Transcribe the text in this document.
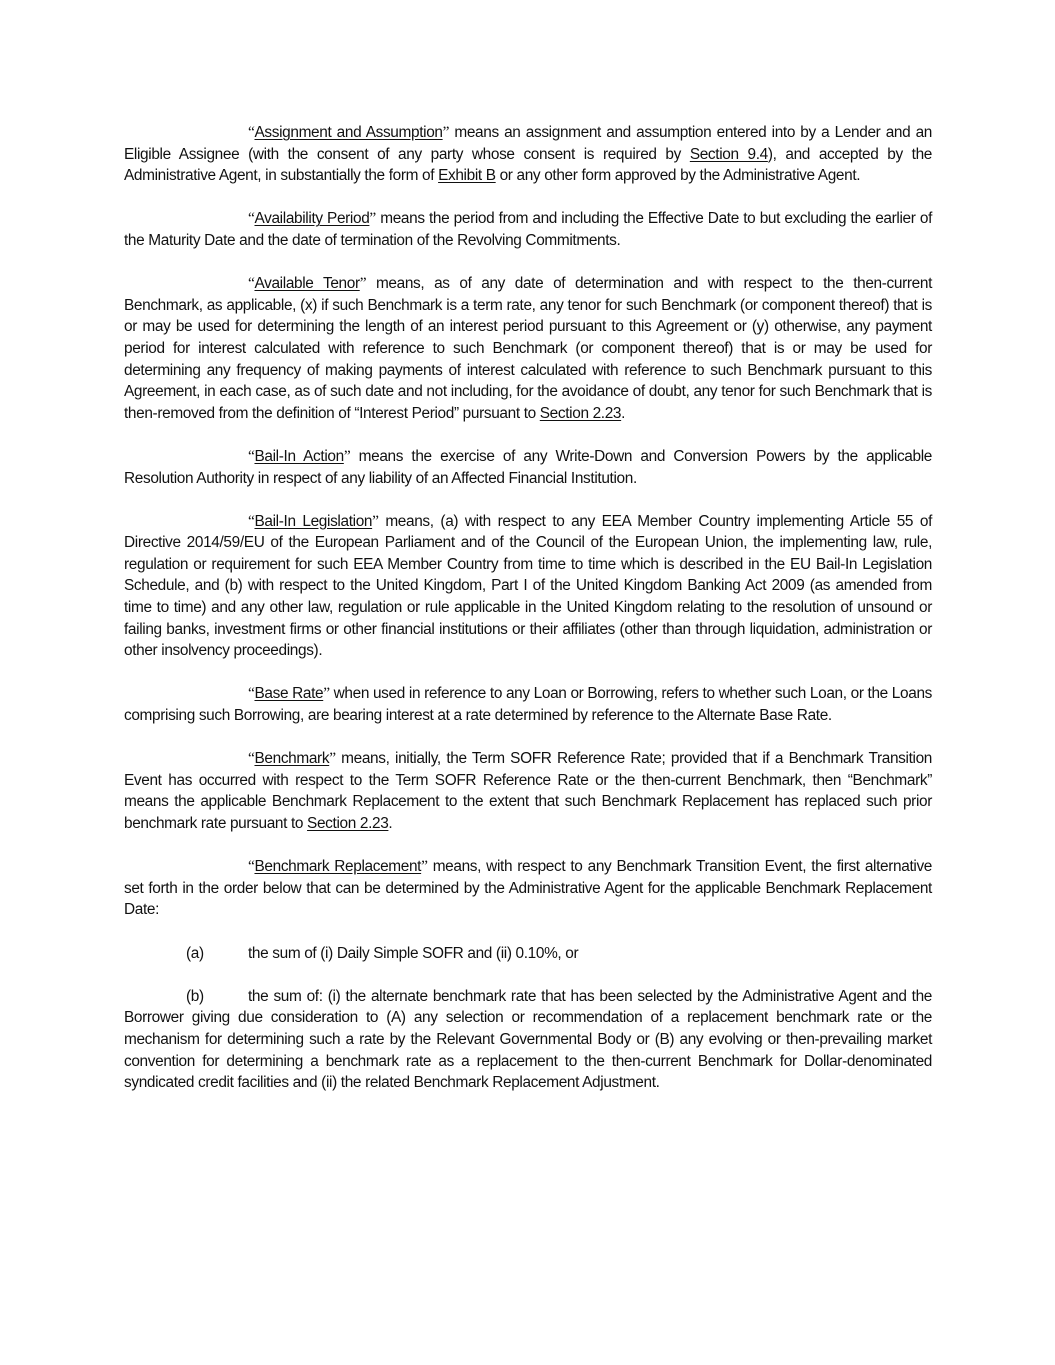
“Assignment and Assumption” means an assignment and assumption entered into by a Lender and an Eligible Assignee (with the consent of any party whose consent is required by Section 9.4), and accepted by the Administrative Agent, in substantially the form of Exhibit B or any other form approved by the Administrative Agent.

“Availability Period” means the period from and including the Effective Date to but excluding the earlier of the Maturity Date and the date of termination of the Revolving Commitments.

“Available Tenor” means, as of any date of determination and with respect to the then-current Benchmark, as applicable, (x) if such Benchmark is a term rate, any tenor for such Benchmark (or component thereof) that is or may be used for determining the length of an interest period pursuant to this Agreement or (y) otherwise, any payment period for interest calculated with reference to such Benchmark (or component thereof) that is or may be used for determining any frequency of making payments of interest calculated with reference to such Benchmark pursuant to this Agreement, in each case, as of such date and not including, for the avoidance of doubt, any tenor for such Benchmark that is then-removed from the definition of “Interest Period” pursuant to Section 2.23.

“Bail-In Action” means the exercise of any Write-Down and Conversion Powers by the applicable Resolution Authority in respect of any liability of an Affected Financial Institution.

“Bail-In Legislation” means, (a) with respect to any EEA Member Country implementing Article 55 of Directive 2014/59/EU of the European Parliament and of the Council of the European Union, the implementing law, rule, regulation or requirement for such EEA Member Country from time to time which is described in the EU Bail-In Legislation Schedule, and (b) with respect to the United Kingdom, Part I of the United Kingdom Banking Act 2009 (as amended from time to time) and any other law, regulation or rule applicable in the United Kingdom relating to the resolution of unsound or failing banks, investment firms or other financial institutions or their affiliates (other than through liquidation, administration or other insolvency proceedings).

“Base Rate” when used in reference to any Loan or Borrowing, refers to whether such Loan, or the Loans comprising such Borrowing, are bearing interest at a rate determined by reference to the Alternate Base Rate.

“Benchmark” means, initially, the Term SOFR Reference Rate; provided that if a Benchmark Transition Event has occurred with respect to the Term SOFR Reference Rate or the then-current Benchmark, then “Benchmark” means the applicable Benchmark Replacement to the extent that such Benchmark Replacement has replaced such prior benchmark rate pursuant to Section 2.23.

“Benchmark Replacement” means, with respect to any Benchmark Transition Event, the first alternative set forth in the order below that can be determined by the Administrative Agent for the applicable Benchmark Replacement Date:

(a)	the sum of (i) Daily Simple SOFR and (ii) 0.10%, or

(b)	the sum of: (i) the alternate benchmark rate that has been selected by the Administrative Agent and the Borrower giving due consideration to (A) any selection or recommendation of a replacement benchmark rate or the mechanism for determining such a rate by the Relevant Governmental Body or (B) any evolving or then-prevailing market convention for determining a benchmark rate as a replacement to the then-current Benchmark for Dollar-denominated syndicated credit facilities and (ii) the related Benchmark Replacement Adjustment.
